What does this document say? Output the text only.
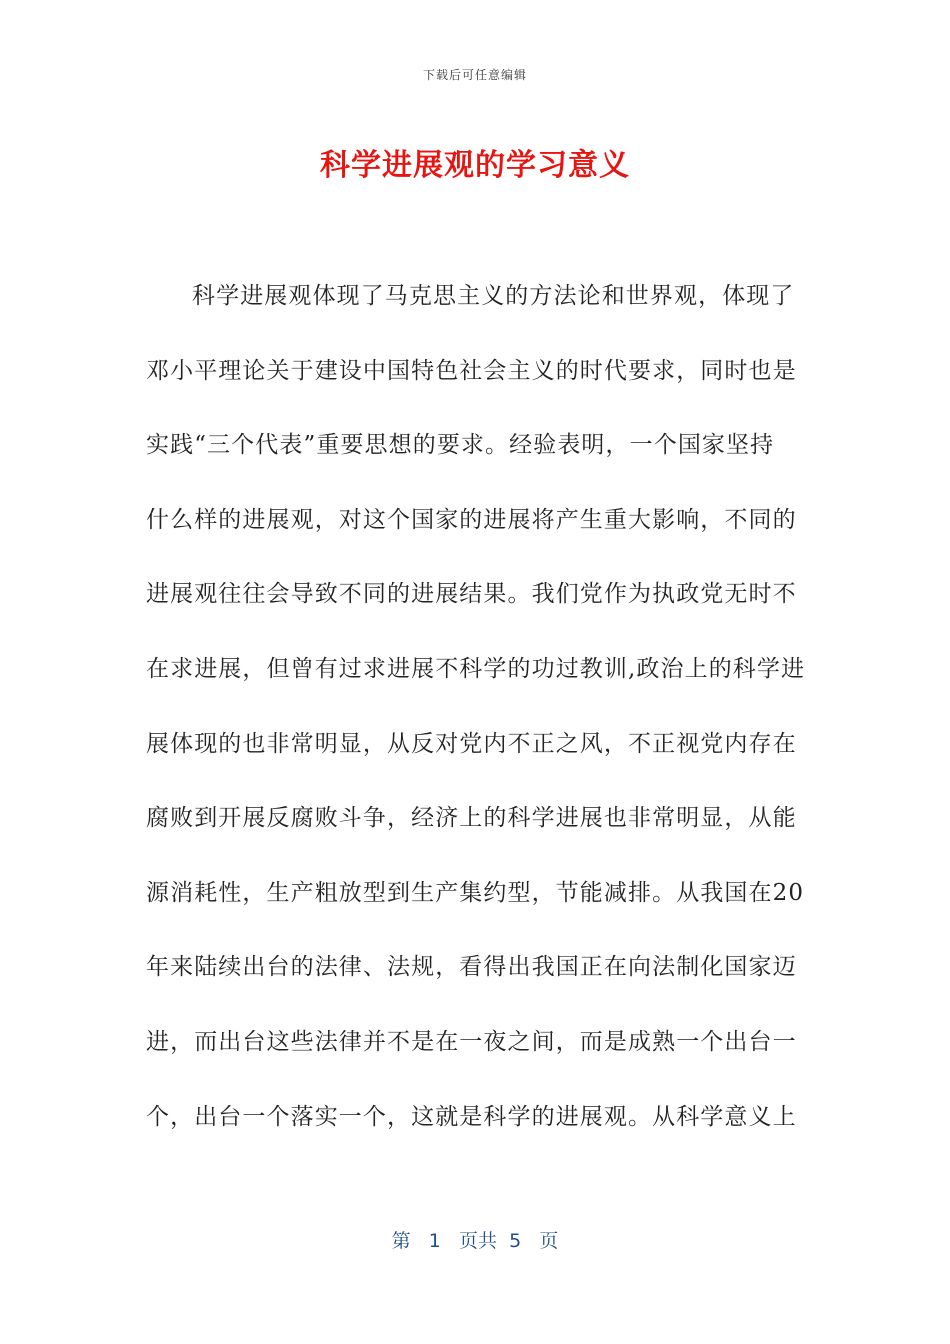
下载后可任意编辑
科学进展观的学习意义
科学进展观体现了马克思主义的方法论和世界观，体现了
邓小平理论关于建设中国特色社会主义的时代要求，同时也是
实践“三个代表”重要思想的要求。经验表明，一个国家坚持
什么样的进展观，对这个国家的进展将产生重大影响，不同的
进展观往往会导致不同的进展结果。我们党作为执政党无时不
在求进展，但曾有过求进展不科学的功过教训,政治上的科学进
展体现的也非常明显，从反对党内不正之风，不正视党内存在
腐败到开展反腐败斗争，经济上的科学进展也非常明显，从能
源消耗性，生产粗放型到生产集约型，节能减排。从我国在20
年来陆续出台的法律、法规，看得出我国正在向法制化国家迈
进，而出台这些法律并不是在一夜之间，而是成熟一个出台一
个，出台一个落实一个，这就是科学的进展观。从科学意义上
第 1 页共 5 页
